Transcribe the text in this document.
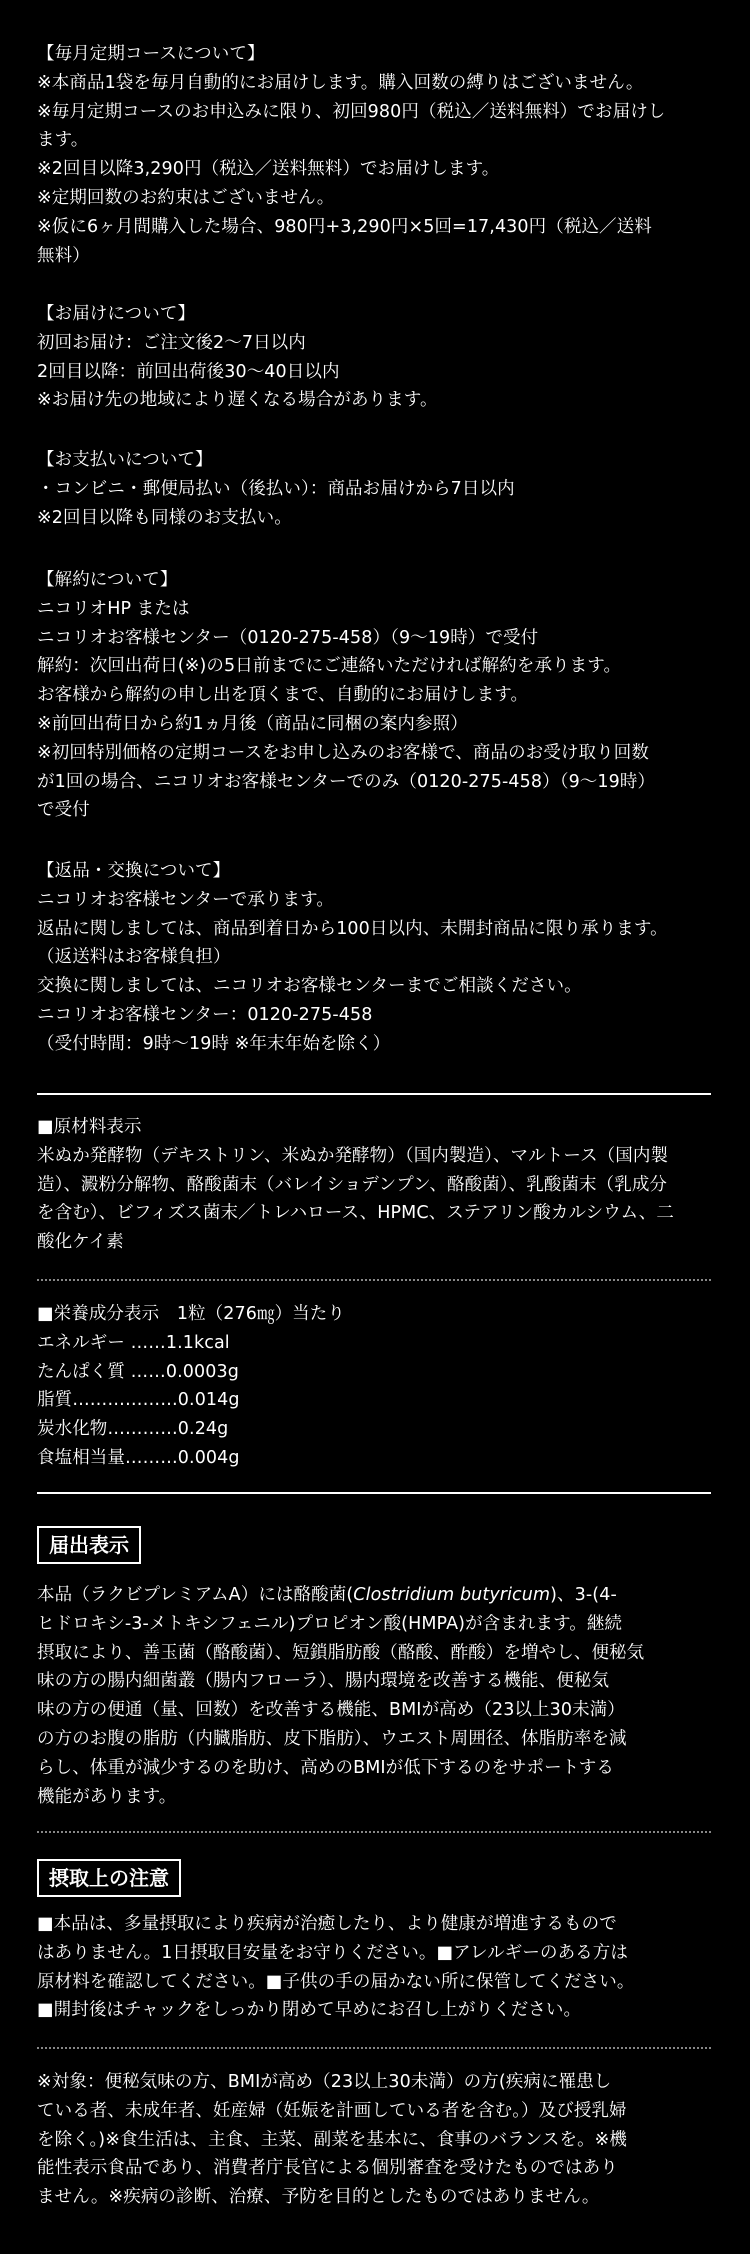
【毎月定期コースについて】
※本商品1袋を毎月自動的にお届けします。購入回数の縛りはございません。
※毎月定期コースのお申込みに限り、初回980円（税込／送料無料）でお届けし
ます。
※2回目以降3,290円（税込／送料無料）でお届けします。
※定期回数のお約束はございません。
※仮に6ヶ月間購入した場合、980円+3,290円×5回=17,430円（税込／送料
無料）
【お届けについて】
初回お届け：ご注文後2～7日以内
2回目以降：前回出荷後30～40日以内
※お届け先の地域により遅くなる場合があります。
【お支払いについて】
・コンビニ・郵便局払い（後払い）：商品お届けから7日以内
※2回目以降も同様のお支払い。
【解約について】
ニコリオHP または
ニコリオお客様センター（0120-275-458）（9～19時）で受付
解約：次回出荷日(※)の5日前までにご連絡いただければ解約を承ります。
お客様から解約の申し出を頂くまで、自動的にお届けします。
※前回出荷日から約1ヵ月後（商品に同梱の案内参照）
※初回特別価格の定期コースをお申し込みのお客様で、商品のお受け取り回数
が1回の場合、ニコリオお客様センターでのみ（0120-275-458）（9～19時）
で受付
【返品・交換について】
ニコリオお客様センターで承ります。
返品に関しましては、商品到着日から100日以内、未開封商品に限り承ります。
（返送料はお客様負担）
交換に関しましては、ニコリオお客様センターまでご相談ください。
ニコリオお客様センター：0120-275-458
（受付時間：9時～19時 ※年末年始を除く）
■原材料表示
米ぬか発酵物（デキストリン、米ぬか発酵物）（国内製造）、マルトース（国内製
造）、澱粉分解物、酪酸菌末（バレイショデンプン、酪酸菌）、乳酸菌末（乳成分
を含む）、ビフィズス菌末／トレハロース、HPMC、ステアリン酸カルシウム、二
酸化ケイ素
■栄養成分表示　1粒（276㎎）当たり
エネルギー ……1.1kcal
たんぱく質 ……0.0003g
脂質………………0.014g
炭水化物…………0.24g
食塩相当量………0.004g
届出表示
本品（ラクビプレミアムA）には酪酸菌(Clostridium butyricum)、3-(4-
ヒドロキシ-3-メトキシフェニル)プロピオン酸(HMPA)が含まれます。継続
摂取により、善玉菌（酪酸菌）、短鎖脂肪酸（酪酸、酢酸）を増やし、便秘気
味の方の腸内細菌叢（腸内フローラ）、腸内環境を改善する機能、便秘気
味の方の便通（量、回数）を改善する機能、BMIが高め（23以上30未満）
の方のお腹の脂肪（内臓脂肪、皮下脂肪）、ウエスト周囲径、体脂肪率を減
らし、体重が減少するのを助け、高めのBMIが低下するのをサポートする
機能があります。
摂取上の注意
■本品は、多量摂取により疾病が治癒したり、より健康が増進するもので
はありません。1日摂取目安量をお守りください。■アレルギーのある方は
原材料を確認してください。■子供の手の届かない所に保管してください。
■開封後はチャックをしっかり閉めて早めにお召し上がりください。
※対象：便秘気味の方、BMIが高め（23以上30未満）の方(疾病に罹患し
ている者、未成年者、妊産婦（妊娠を計画している者を含む。）及び授乳婦
を除く。)※食生活は、主食、主菜、副菜を基本に、食事のバランスを。※機
能性表示食品であり、消費者庁長官による個別審査を受けたものではあり
ません。※疾病の診断、治療、予防を目的としたものではありません。
